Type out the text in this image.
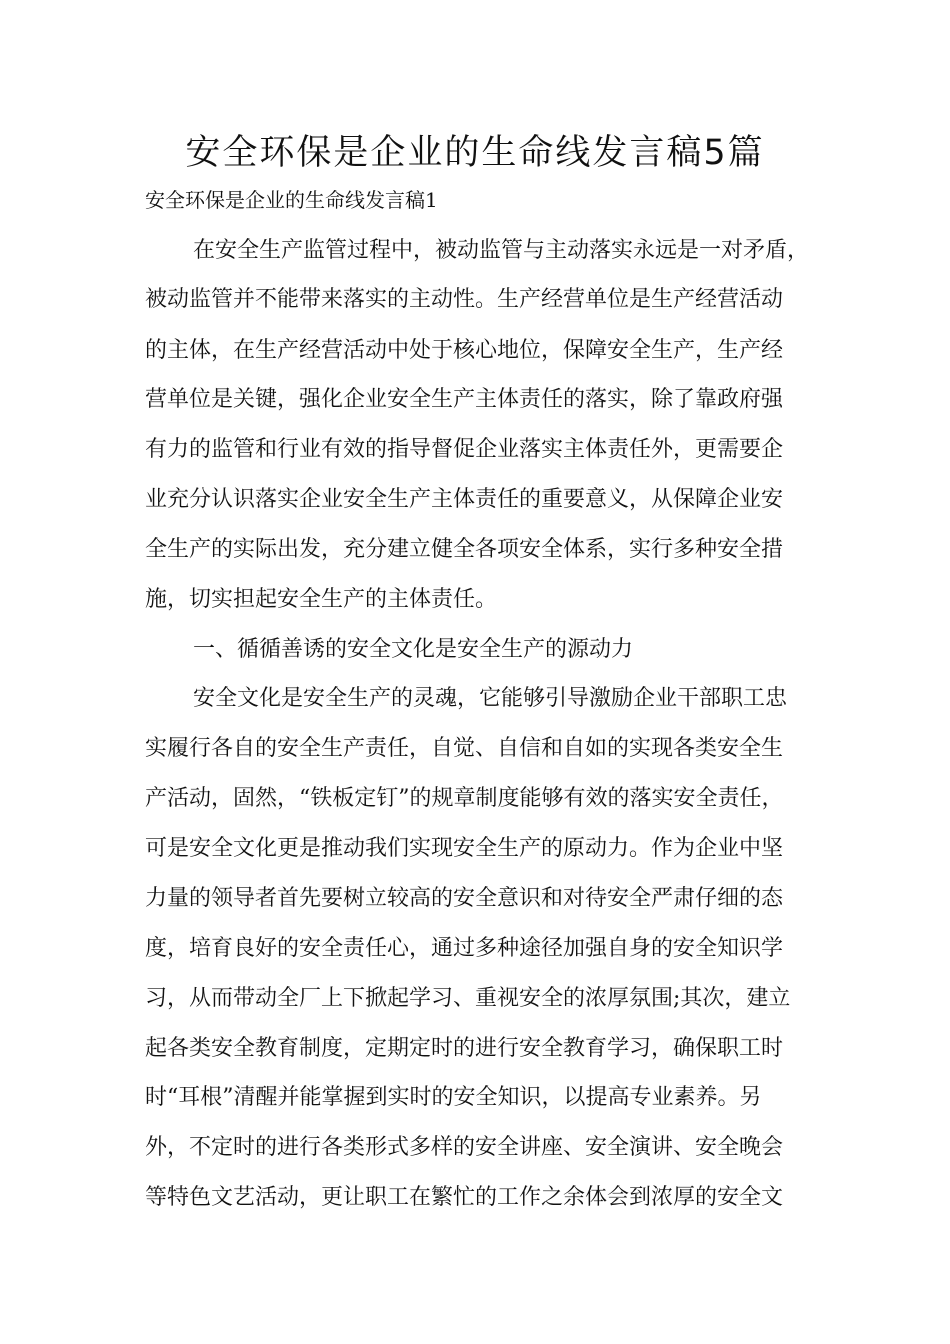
安全环保是企业的生命线发言稿5篇
安全环保是企业的生命线发言稿1
在安全生产监管过程中，被动监管与主动落实永远是一对矛盾，
被动监管并不能带来落实的主动性。生产经营单位是生产经营活动
的主体，在生产经营活动中处于核心地位，保障安全生产，生产经
营单位是关键，强化企业安全生产主体责任的落实，除了靠政府强
有力的监管和行业有效的指导督促企业落实主体责任外，更需要企
业充分认识落实企业安全生产主体责任的重要意义，从保障企业安
全生产的实际出发，充分建立健全各项安全体系，实行多种安全措
施，切实担起安全生产的主体责任。
一、循循善诱的安全文化是安全生产的源动力
安全文化是安全生产的灵魂，它能够引导激励企业干部职工忠
实履行各自的安全生产责任，自觉、自信和自如的实现各类安全生
产活动，固然，“铁板定钉”的规章制度能够有效的落实安全责任，
可是安全文化更是推动我们实现安全生产的原动力。作为企业中坚
力量的领导者首先要树立较高的安全意识和对待安全严肃仔细的态
度，培育良好的安全责任心，通过多种途径加强自身的安全知识学
习，从而带动全厂上下掀起学习、重视安全的浓厚氛围;其次，建立
起各类安全教育制度，定期定时的进行安全教育学习，确保职工时
时“耳根”清醒并能掌握到实时的安全知识，以提高专业素养。另
外，不定时的进行各类形式多样的安全讲座、安全演讲、安全晚会
等特色文艺活动，更让职工在繁忙的工作之余体会到浓厚的安全文
